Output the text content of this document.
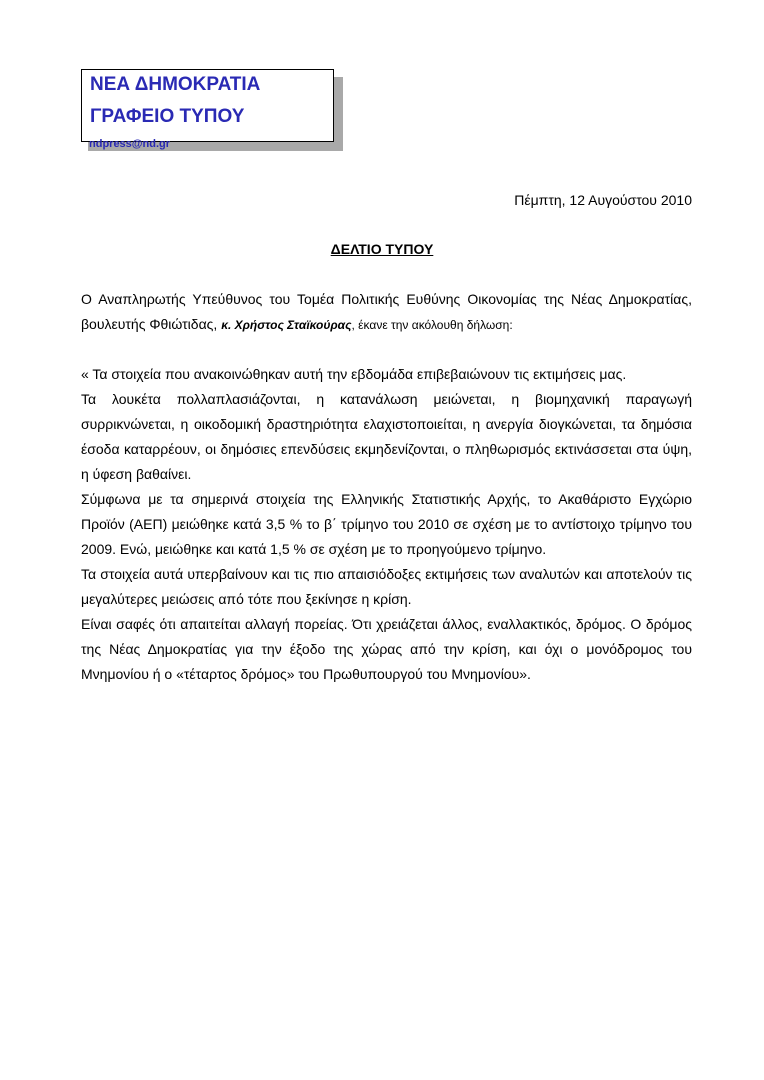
ΝΕΑ ΔΗΜΟΚΡΑΤΙΑ
ΓΡΑΦΕΙΟ ΤΥΠΟΥ
ndpress@nd.gr
Πέμπτη, 12 Αυγούστου 2010
ΔΕΛΤΙΟ ΤΥΠΟΥ

Ο Αναπληρωτής Υπεύθυνος του Τομέα Πολιτικής Ευθύνης Οικονομίας της Νέας Δημοκρατίας, βουλευτής Φθιώτιδας, κ. Χρήστος Σταϊκούρας, έκανε την ακόλουθη δήλωση:

« Τα στοιχεία που ανακοινώθηκαν αυτή την εβδομάδα επιβεβαιώνουν τις εκτιμήσεις μας.

Τα λουκέτα πολλαπλασιάζονται, η κατανάλωση μειώνεται, η βιομηχανική παραγωγή συρρικνώνεται, η οικοδομική δραστηριότητα ελαχιστοποιείται, η ανεργία διογκώνεται, τα δημόσια έσοδα καταρρέουν, οι δημόσιες επενδύσεις εκμηδενίζονται, ο πληθωρισμός εκτινάσσεται στα ύψη, η ύφεση βαθαίνει.

Σύμφωνα με τα σημερινά στοιχεία της Ελληνικής Στατιστικής Αρχής, το Ακαθάριστο Εγχώριο Προϊόν (ΑΕΠ) μειώθηκε κατά 3,5 % το β΄ τρίμηνο του 2010 σε σχέση με το αντίστοιχο τρίμηνο του 2009. Ενώ, μειώθηκε και κατά 1,5 % σε σχέση με το προηγούμενο τρίμηνο.

Τα στοιχεία αυτά υπερβαίνουν και τις πιο απαισιόδοξες εκτιμήσεις των αναλυτών και αποτελούν τις μεγαλύτερες μειώσεις από τότε που ξεκίνησε η κρίση.

Είναι σαφές ότι απαιτείται αλλαγή πορείας. Ότι χρειάζεται άλλος, εναλλακτικός, δρόμος. Ο δρόμος της Νέας Δημοκρατίας για την έξοδο της χώρας από την κρίση, και όχι ο μονόδρομος του Μνημονίου ή ο «τέταρτος δρόμος» του Πρωθυπουργού του Μνημονίου».
